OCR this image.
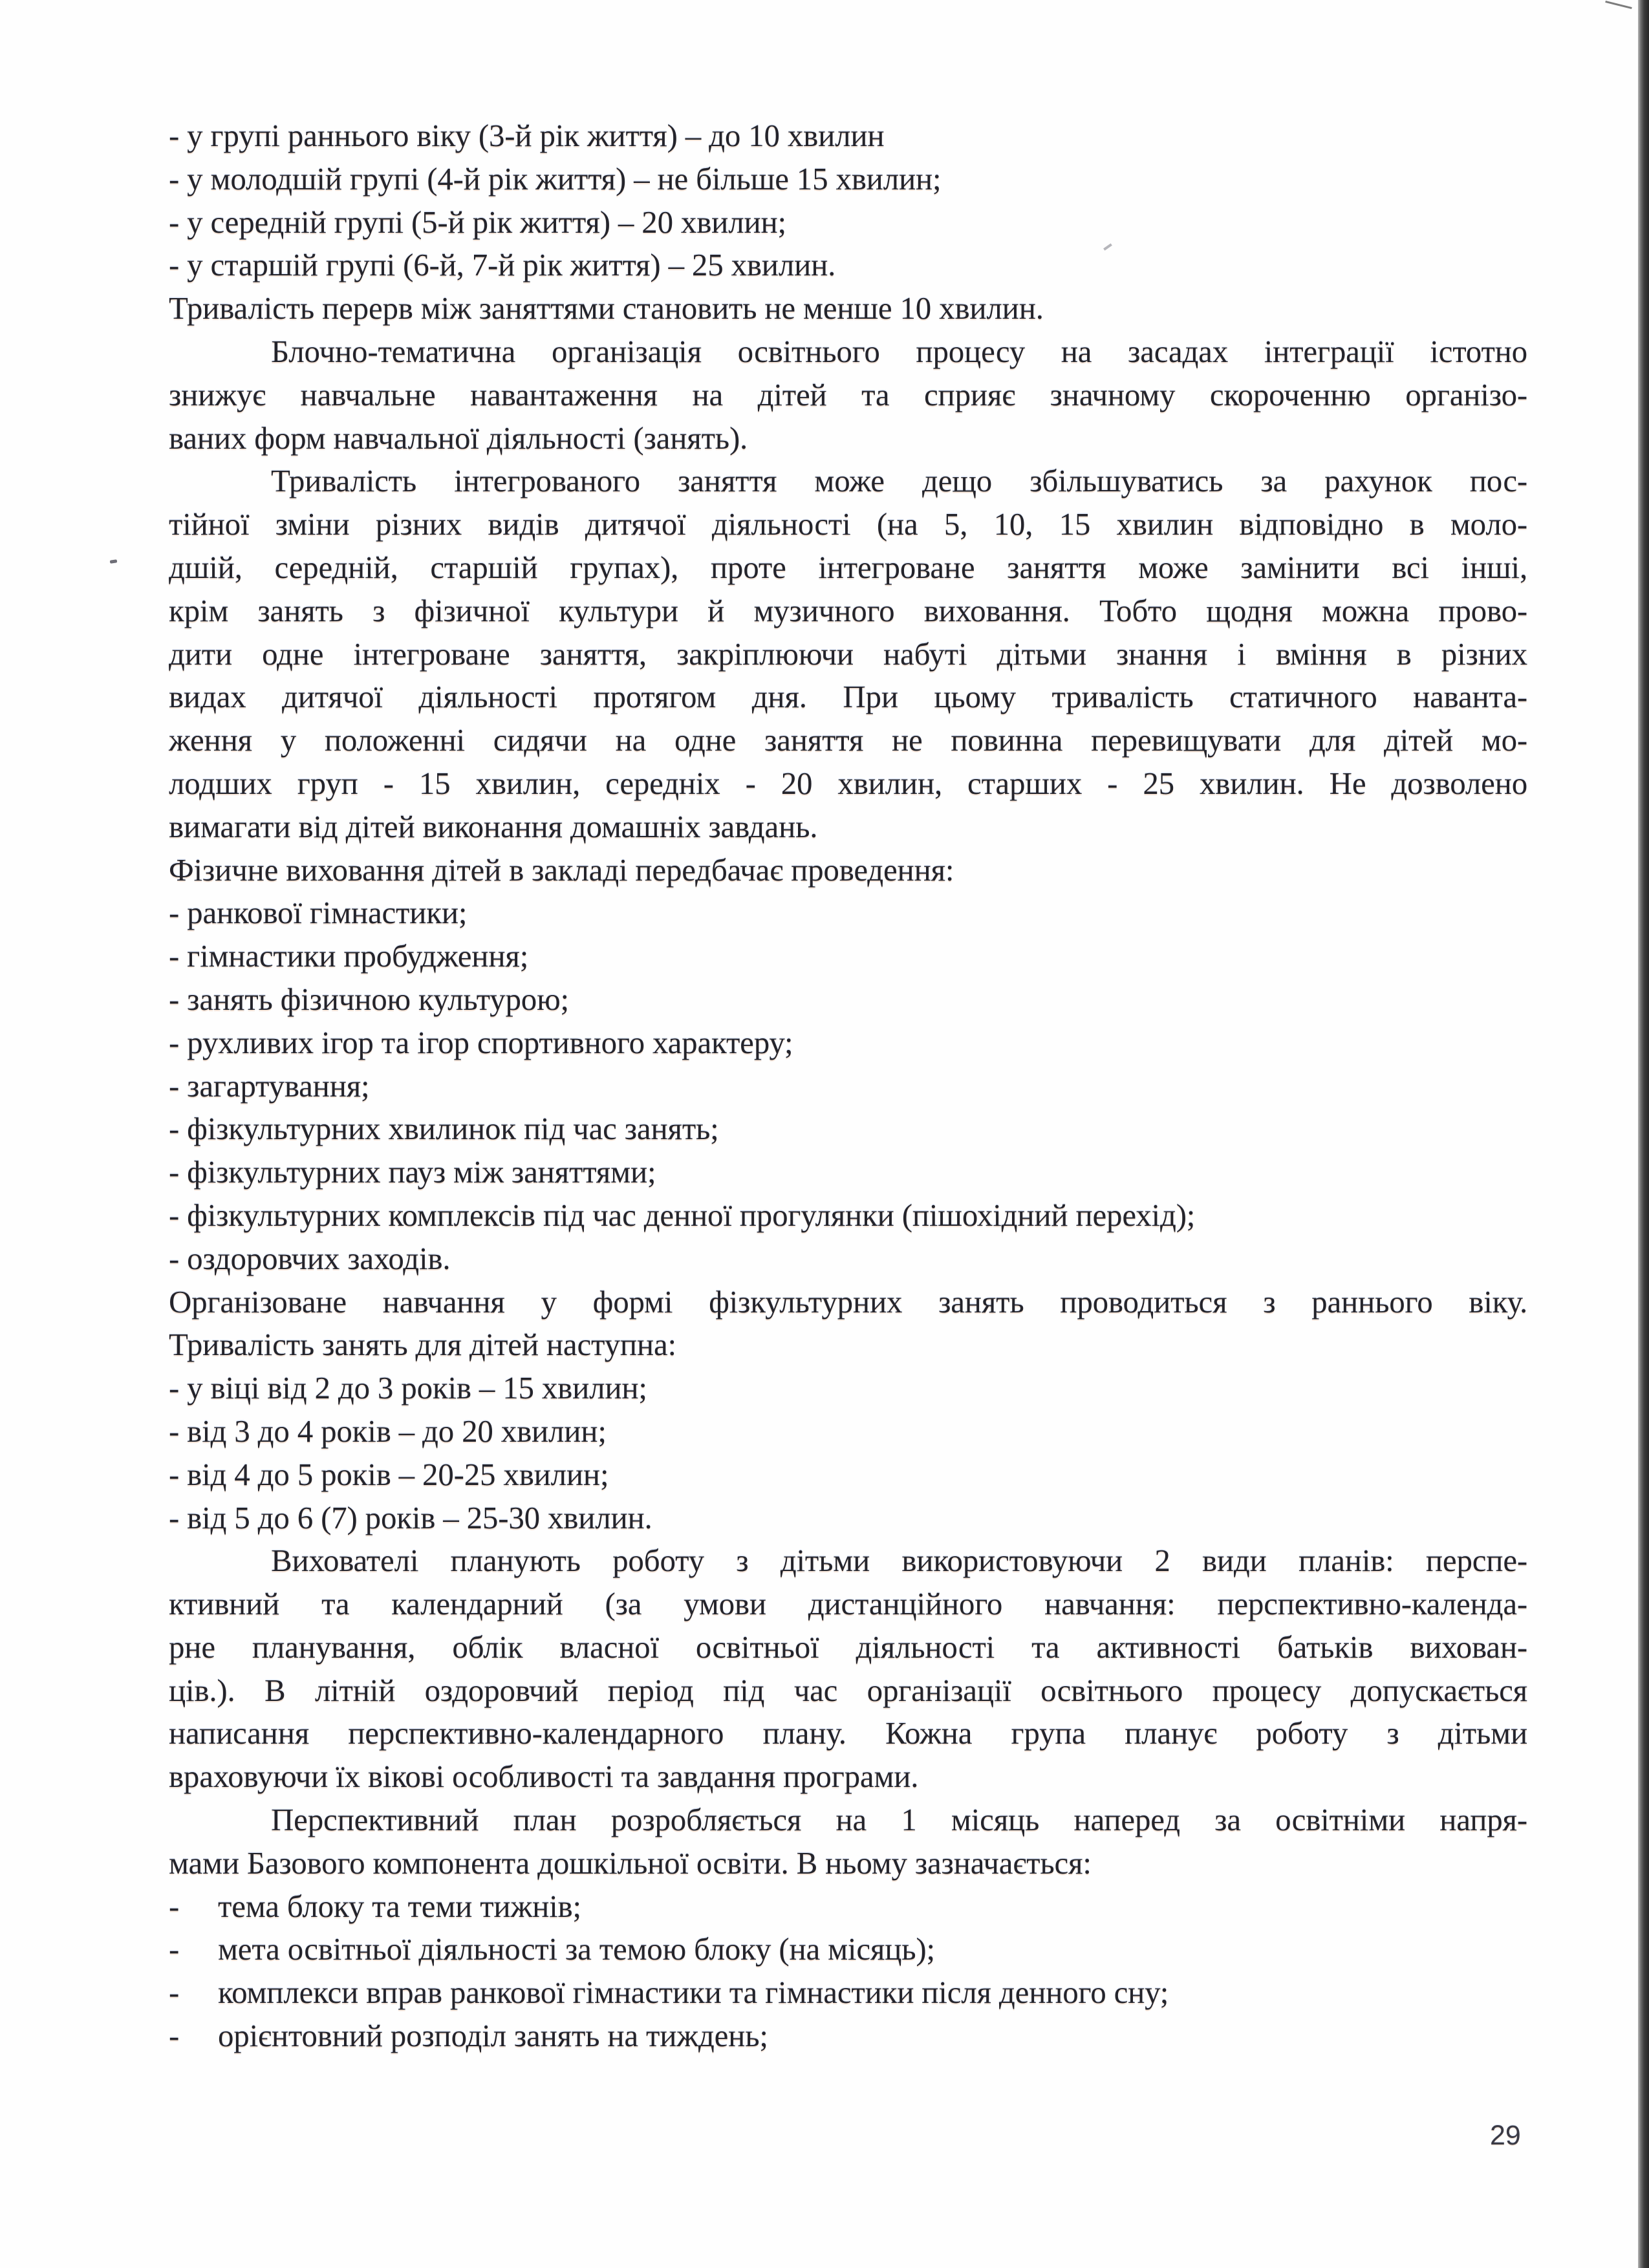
- у групі раннього віку (3-й рік життя) – до 10 хвилин
- у молодшій групі (4-й рік життя) – не більше 15 хвилин;
- у середній групі (5-й рік життя) – 20 хвилин;
- у старшій групі (6-й, 7-й рік життя) – 25 хвилин.
Тривалість перерв між заняттями становить не менше 10 хвилин.
Блочно-тематична організація освітнього процесу на засадах інтеграції істотно
знижує навчальне навантаження на дітей та сприяє значному скороченню організо-
ваних форм навчальної діяльності (занять).
Тривалість інтегрованого заняття може дещо збільшуватись за рахунок пос-
тійної зміни різних видів дитячої діяльності (на 5, 10, 15 хвилин відповідно в моло-
дшій, середній, старшій групах), проте інтегроване заняття може замінити всі інші,
крім занять з фізичної культури й музичного виховання. Тобто щодня можна прово-
дити одне інтегроване заняття, закріплюючи набуті дітьми знання і вміння в різних
видах дитячої діяльності протягом дня. При цьому тривалість статичного наванта-
ження у положенні сидячи на одне заняття не повинна перевищувати для дітей мо-
лодших груп - 15 хвилин, середніх - 20 хвилин, старших - 25 хвилин. Не дозволено
вимагати від дітей виконання домашніх завдань.
Фізичне виховання дітей в закладі передбачає проведення:
- ранкової гімнастики;
- гімнастики пробудження;
- занять фізичною культурою;
- рухливих ігор та ігор спортивного характеру;
- загартування;
- фізкультурних хвилинок під час занять;
- фізкультурних пауз між заняттями;
- фізкультурних комплексів під час денної прогулянки (пішохідний перехід);
- оздоровчих заходів.
Організоване навчання у формі фізкультурних занять проводиться з раннього віку.
Тривалість занять для дітей наступна:
- у віці від 2 до 3 років – 15 хвилин;
- від 3 до 4 років – до 20 хвилин;
- від 4 до 5 років – 20-25 хвилин;
- від 5 до 6 (7) років – 25-30 хвилин.
Вихователі планують роботу з дітьми використовуючи 2 види планів: перспе-
ктивний та календарний (за умови дистанційного навчання: перспективно-календа-
рне планування, облік власної освітньої діяльності та активності батьків вихован-
ців.). В літній оздоровчий період під час організації освітнього процесу допускається
написання перспективно-календарного плану. Кожна група планує роботу з дітьми
враховуючи їх вікові особливості та завдання програми.
Перспективний план розробляється на 1 місяць наперед за освітніми напря-
мами Базового компонента дошкільної освіти. В ньому зазначається:
-	тема блоку та теми тижнів;
-	мета освітньої діяльності за темою блоку (на місяць);
-	комплекси вправ ранкової гімнастики та гімнастики після денного сну;
-	орієнтовний розподіл занять на тиждень;
29
